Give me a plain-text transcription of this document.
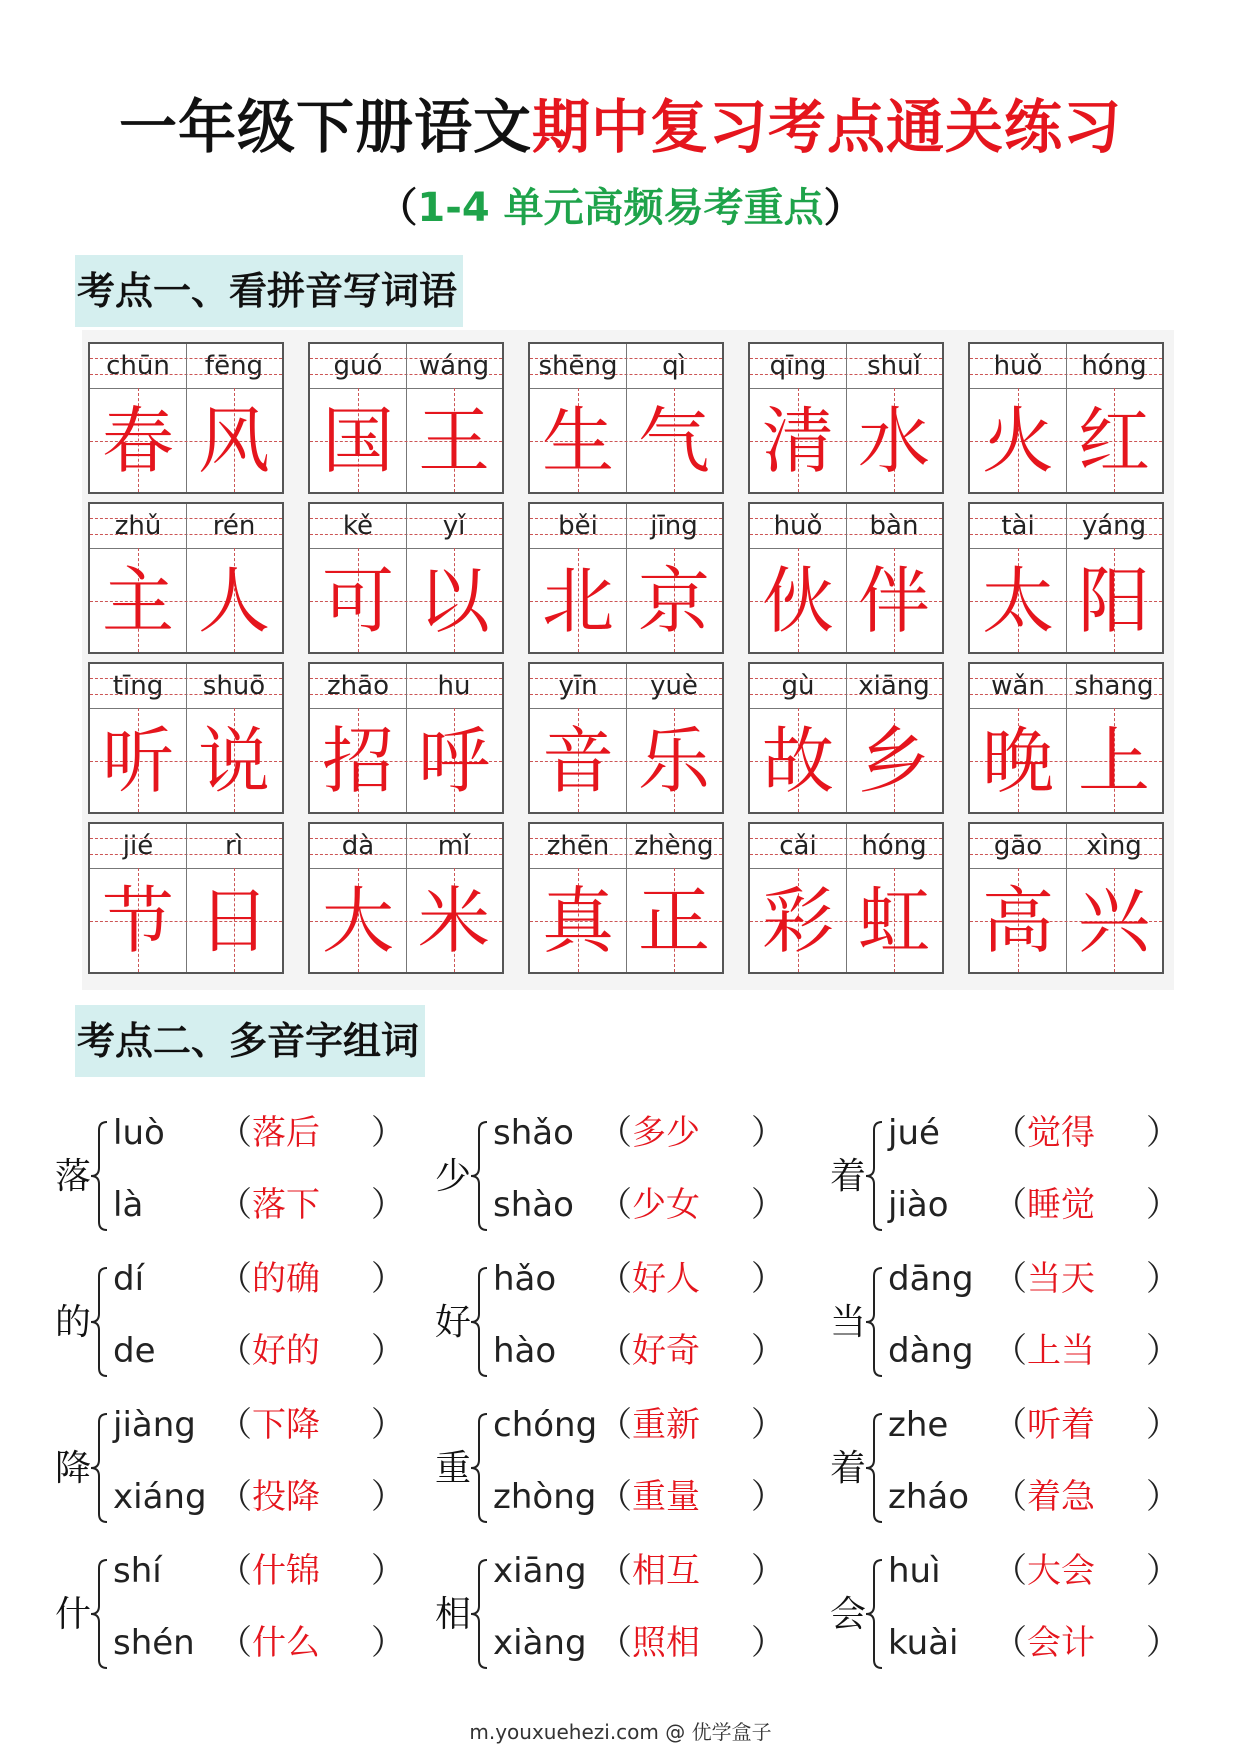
一年级下册语文期中复习考点通关练习
（1-4 单元高频易考重点）
考点一、看拼音写词语
chūn
春
fēng
风
guó
国
wáng
王
shēng
生
qì
气
qīng
清
shuǐ
水
huǒ
火
hóng
红
zhǔ
主
rén
人
kě
可
yǐ
以
běi
北
jīng
京
huǒ
伙
bàn
伴
tài
太
yáng
阳
tīng
听
shuō
说
zhāo
招
hu
呼
yīn
音
yuè
乐
gù
故
xiāng
乡
wǎn
晚
shang
上
jié
节
rì
日
dà
大
mǐ
米
zhēn
真
zhèng
正
cǎi
彩
hóng
虹
gāo
高
xìng
兴
考点二、多音字组词
落
luò （ 落后 ）
là （ 落下 ）
少
shǎo （ 多少 ）
shào （ 少女 ）
着
jué （ 觉得 ）
jiào （ 睡觉 ）
的
dí （ 的确 ）
de （ 好的 ）
好
hǎo （ 好人 ）
hào （ 好奇 ）
当
dāng （ 当天 ）
dàng （ 上当 ）
降
jiàng （ 下降 ）
xiáng （ 投降 ）
重
chóng （ 重新 ）
zhòng （ 重量 ）
着
zhe （ 听着 ）
zháo （ 着急 ）
什
shí （ 什锦 ）
shén （ 什么 ）
相
xiāng （ 相互 ）
xiàng （ 照相 ）
会
huì （ 大会 ）
kuài （ 会计 ）
m.youxuehezi.com @ 优学盒子
